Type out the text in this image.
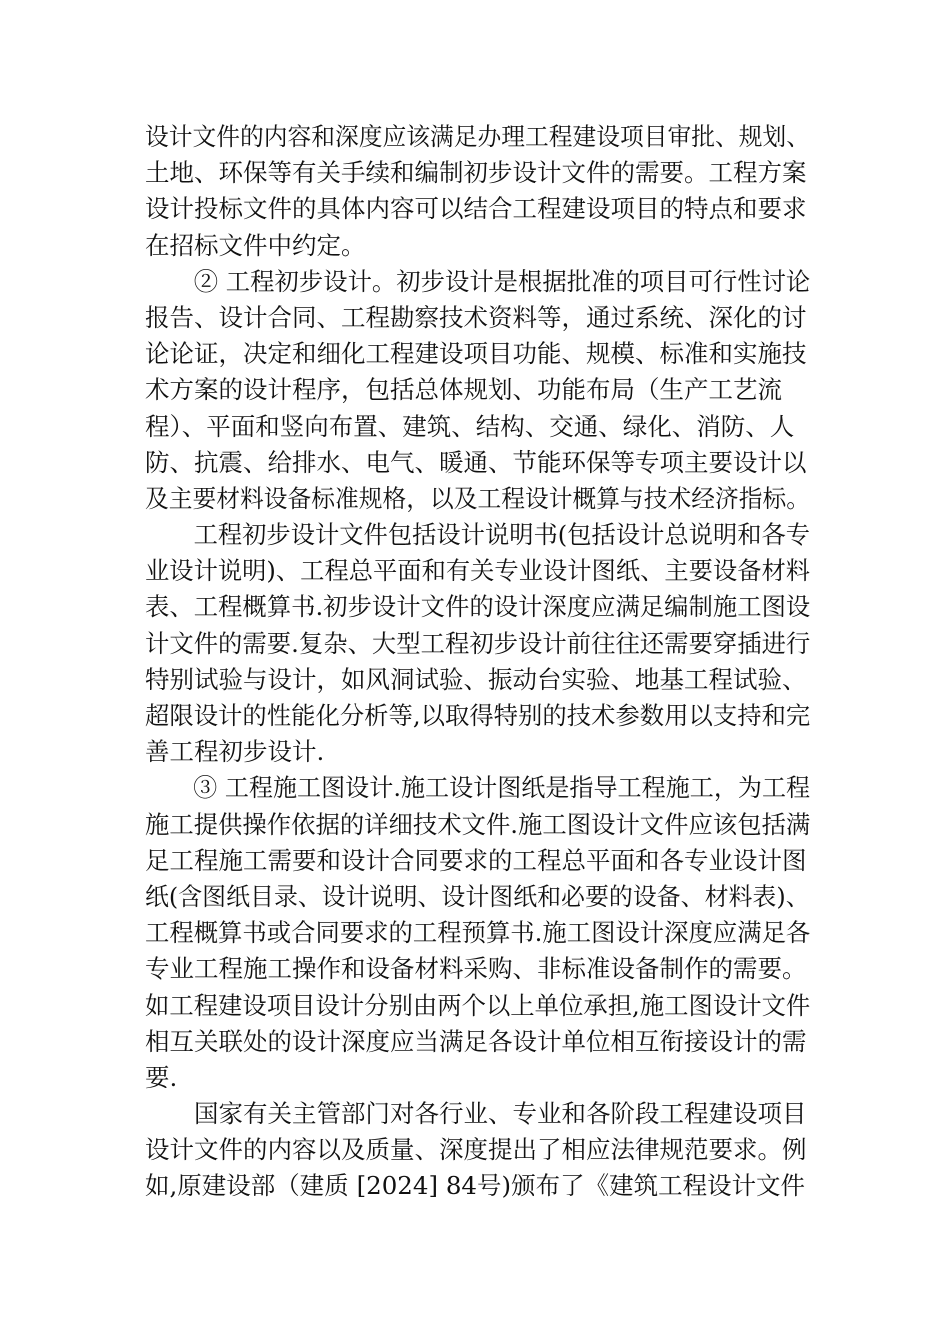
设计文件的内容和深度应该满足办理工程建设项目审批、规划、
土地、环保等有关手续和编制初步设计文件的需要。工程方案
设计投标文件的具体内容可以结合工程建设项目的特点和要求
在招标文件中约定。
② 工程初步设计。初步设计是根据批准的项目可行性讨论
报告、设计合同、工程勘察技术资料等，通过系统、深化的讨
论论证，决定和细化工程建设项目功能、规模、标准和实施技
术方案的设计程序，包括总体规划、功能布局（生产工艺流
程）、平面和竖向布置、建筑、结构、交通、绿化、消防、人
防、抗震、给排水、电气、暖通、节能环保等专项主要设计以
及主要材料设备标准规格，以及工程设计概算与技术经济指标。
工程初步设计文件包括设计说明书(包括设计总说明和各专
业设计说明)、工程总平面和有关专业设计图纸、主要设备材料
表、工程概算书.初步设计文件的设计深度应满足编制施工图设
计文件的需要.复杂、大型工程初步设计前往往还需要穿插进行
特别试验与设计，如风洞试验、振动台实验、地基工程试验、
超限设计的性能化分析等,以取得特别的技术参数用以支持和完
善工程初步设计.
③ 工程施工图设计.施工设计图纸是指导工程施工，为工程
施工提供操作依据的详细技术文件.施工图设计文件应该包括满
足工程施工需要和设计合同要求的工程总平面和各专业设计图
纸(含图纸目录、设计说明、设计图纸和必要的设备、材料表)、
工程概算书或合同要求的工程预算书.施工图设计深度应满足各
专业工程施工操作和设备材料采购、非标准设备制作的需要。
如工程建设项目设计分别由两个以上单位承担,施工图设计文件
相互关联处的设计深度应当满足各设计单位相互衔接设计的需
要.
国家有关主管部门对各行业、专业和各阶段工程建设项目
设计文件的内容以及质量、深度提出了相应法律规范要求。例
如,原建设部（建质 [2024] 84号)颁布了《建筑工程设计文件
